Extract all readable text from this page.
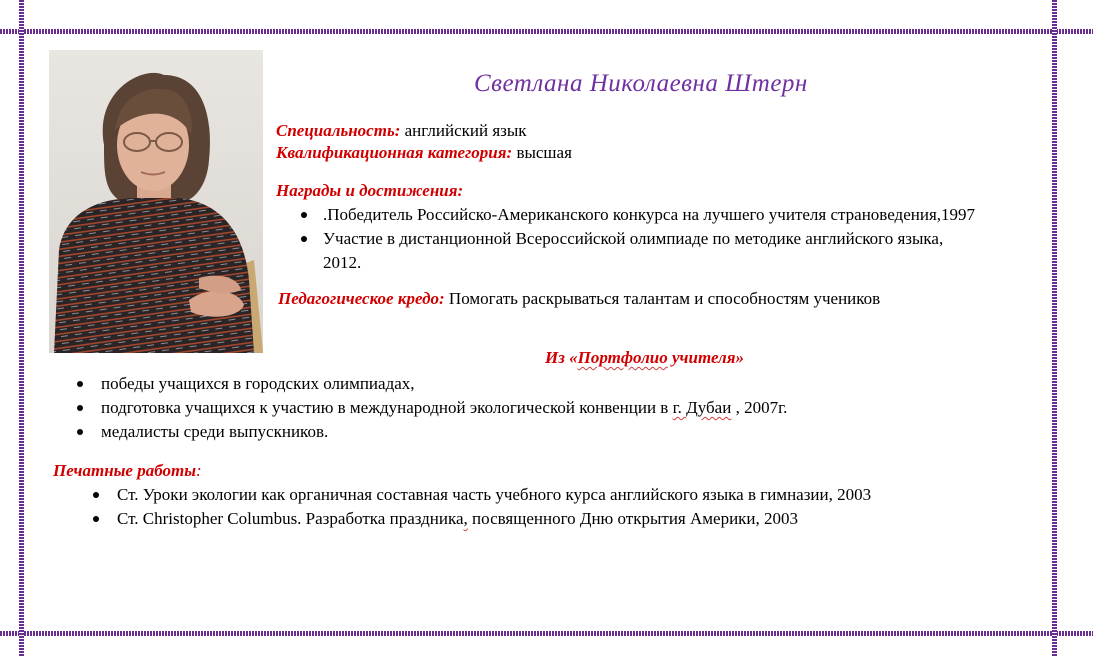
Светлана Николаевна Штерн
Специальность: английский язык
Квалификационная категория: высшая
Награды и достижения:
.Победитель Российско-Американского конкурса на лучшего учителя страноведения,1997
Участие в дистанционной Всероссийской олимпиаде по методике английского языка,
2012.
Педагогическое кредо: Помогать раскрываться талантам и способностям учеников
Из «Портфолио учителя»
победы учащихся в городских олимпиадах,
подготовка учащихся к участию в международной экологической конвенции в г. Дубаи , 2007г.
медалисты среди выпускников.
Печатные работы:
Ст. Уроки экологии как органичная составная часть учебного курса английского языка в гимназии, 2003
Ст. Christopher Columbus. Разработка праздника, посвященного Дню открытия Америки, 2003
